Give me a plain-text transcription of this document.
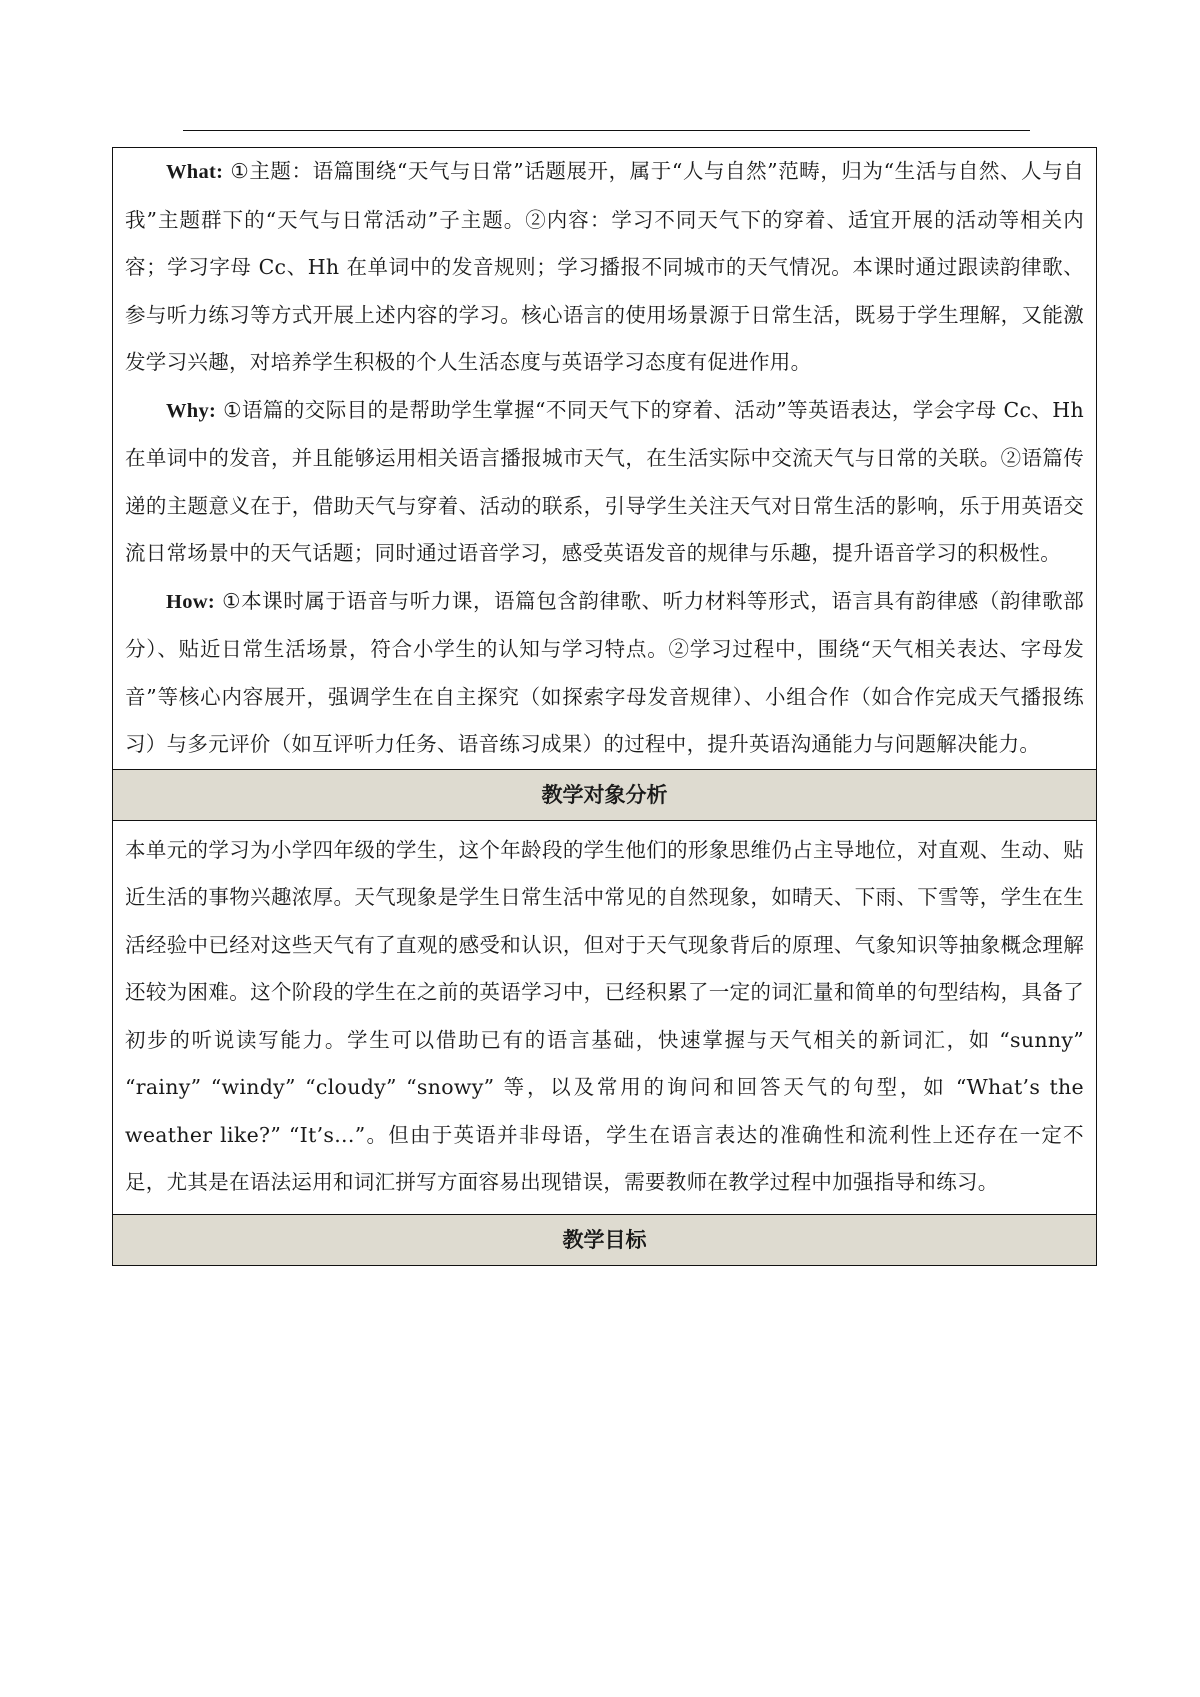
What: ①主题：语篇围绕“天气与日常”话题展开，属于“人与自然”范畴，归为“生活与自然、人与自我”主题群下的“天气与日常活动”子主题。②内容：学习不同天气下的穿着、适宜开展的活动等相关内容；学习字母 Cc、Hh 在单词中的发音规则；学习播报不同城市的天气情况。本课时通过跟读韵律歌、参与听力练习等方式开展上述内容的学习。核心语言的使用场景源于日常生活，既易于学生理解，又能激发学习兴趣，对培养学生积极的个人生活态度与英语学习态度有促进作用。

Why: ①语篇的交际目的是帮助学生掌握“不同天气下的穿着、活动”等英语表达，学会字母 Cc、Hh 在单词中的发音，并且能够运用相关语言播报城市天气，在生活实际中交流天气与日常的关联。②语篇传递的主题意义在于，借助天气与穿着、活动的联系，引导学生关注天气对日常生活的影响，乐于用英语交流日常场景中的天气话题；同时通过语音学习，感受英语发音的规律与乐趣，提升语音学习的积极性。

How: ①本课时属于语音与听力课，语篇包含韵律歌、听力材料等形式，语言具有韵律感（韵律歌部分）、贴近日常生活场景，符合小学生的认知与学习特点。②学习过程中，围绕“天气相关表达、字母发音”等核心内容展开，强调学生在自主探究（如探索字母发音规律）、小组合作（如合作完成天气播报练习）与多元评价（如互评听力任务、语音练习成果）的过程中，提升英语沟通能力与问题解决能力。

教学对象分析

本单元的学习为小学四年级的学生，这个年龄段的学生他们的形象思维仍占主导地位，对直观、生动、贴近生活的事物兴趣浓厚。天气现象是学生日常生活中常见的自然现象，如晴天、下雨、下雪等，学生在生活经验中已经对这些天气有了直观的感受和认识，但对于天气现象背后的原理、气象知识等抽象概念理解还较为困难。这个阶段的学生在之前的英语学习中，已经积累了一定的词汇量和简单的句型结构，具备了初步的听说读写能力。学生可以借助已有的语言基础，快速掌握与天气相关的新词汇，如 “sunny” “rainy” “windy” “cloudy” “snowy” 等，以及常用的询问和回答天气的句型，如 “What’s the weather like?” “It’s...”。但由于英语并非母语，学生在语言表达的准确性和流利性上还存在一定不足，尤其是在语法运用和词汇拼写方面容易出现错误，需要教师在教学过程中加强指导和练习。

教学目标
